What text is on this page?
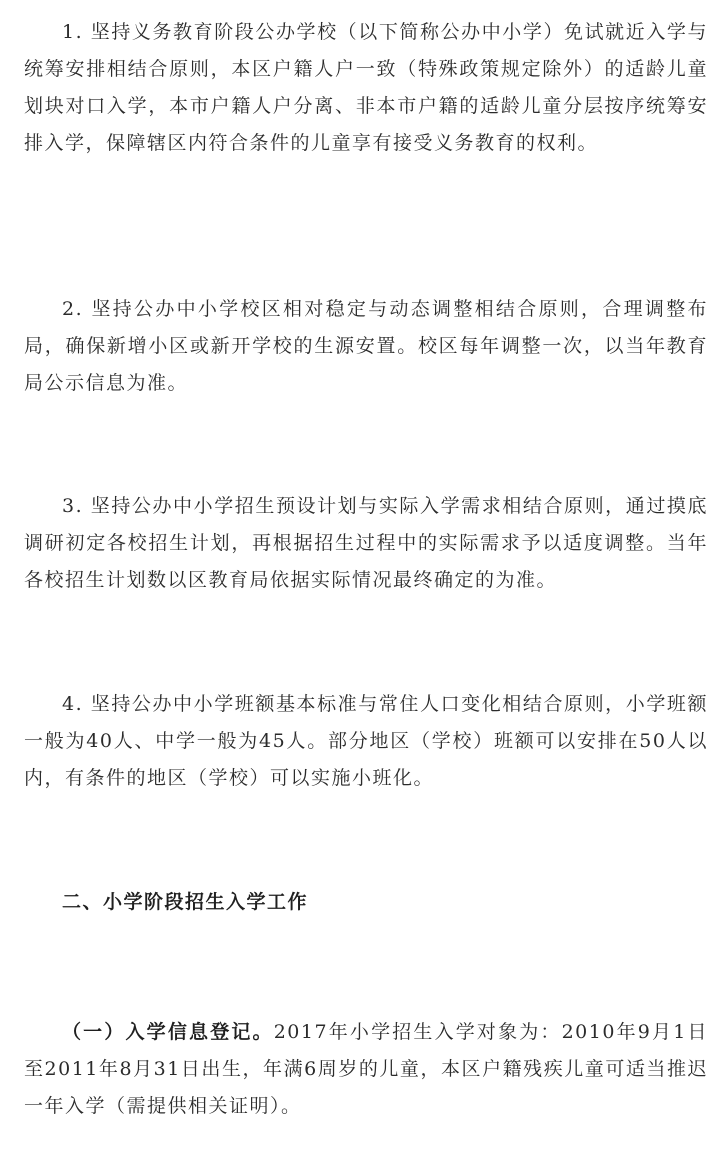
1. 坚持义务教育阶段公办学校（以下简称公办中小学）免试就近入学与统筹安排相结合原则，本区户籍人户一致（特殊政策规定除外）的适龄儿童划块对口入学，本市户籍人户分离、非本市户籍的适龄儿童分层按序统筹安排入学，保障辖区内符合条件的儿童享有接受义务教育的权利。

2. 坚持公办中小学校区相对稳定与动态调整相结合原则，合理调整布局，确保新增小区或新开学校的生源安置。校区每年调整一次，以当年教育局公示信息为准。

3. 坚持公办中小学招生预设计划与实际入学需求相结合原则，通过摸底调研初定各校招生计划，再根据招生过程中的实际需求予以适度调整。当年各校招生计划数以区教育局依据实际情况最终确定的为准。

4. 坚持公办中小学班额基本标准与常住人口变化相结合原则，小学班额一般为40人、中学一般为45人。部分地区（学校）班额可以安排在50人以内，有条件的地区（学校）可以实施小班化。

二、小学阶段招生入学工作

（一）入学信息登记。2017年小学招生入学对象为：2010年9月1日至2011年8月31日出生，年满6周岁的儿童，本区户籍残疾儿童可适当推迟一年入学（需提供相关证明）。
